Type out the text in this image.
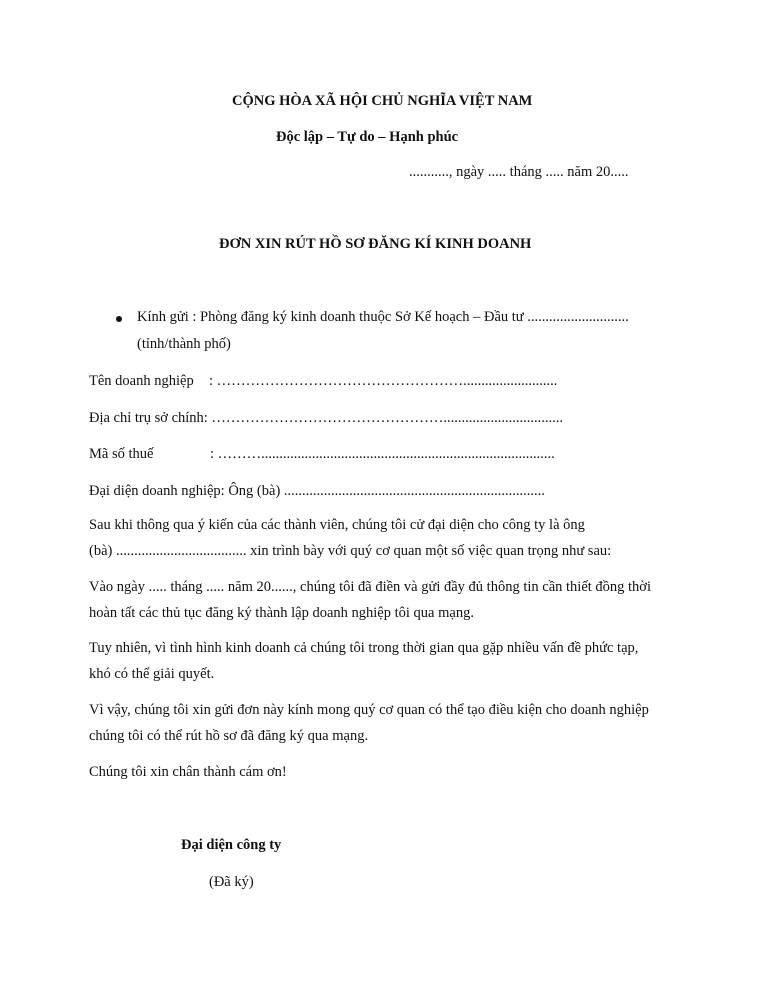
CỘNG HÒA XÃ HỘI CHỦ NGHĨA VIỆT NAM
Độc lập – Tự do – Hạnh phúc
..........., ngày ..... tháng ..... năm 20.....
ĐƠN XIN RÚT HỒ SƠ ĐĂNG KÍ KINH DOANH
Kính gửi : Phòng đăng ký kinh doanh thuộc Sở Kế hoạch – Đầu tư ............................
(tỉnh/thành phố)
Tên doanh nghiệp : ……………………………………………..........................
Địa chỉ trụ sở chính: ………………………………………….................................
Mã số thuế	: ……….................................................................................
Đại diện doanh nghiệp: Ông (bà) ........................................................................
Sau khi thông qua ý kiến của các thành viên, chúng tôi cử đại diện cho công ty là ông
(bà) .................................... xin trình bày với quý cơ quan một số việc quan trọng như sau:
Vào ngày ..... tháng ..... năm 20......, chúng tôi đã điền và gửi đầy đủ thông tin cần thiết đồng thời
hoàn tất các thủ tục đăng ký thành lập doanh nghiệp tôi qua mạng.
Tuy nhiên, vì tình hình kinh doanh cả chúng tôi trong thời gian qua gặp nhiều vấn đề phức tạp,
khó có thể giải quyết.
Vì vậy, chúng tôi xin gửi đơn này kính mong quý cơ quan có thể tạo điều kiện cho doanh nghiệp
chúng tôi có thể rút hồ sơ đã đăng ký qua mạng.
Chúng tôi xin chân thành cám ơn!
Đại diện công ty
(Đã ký)
